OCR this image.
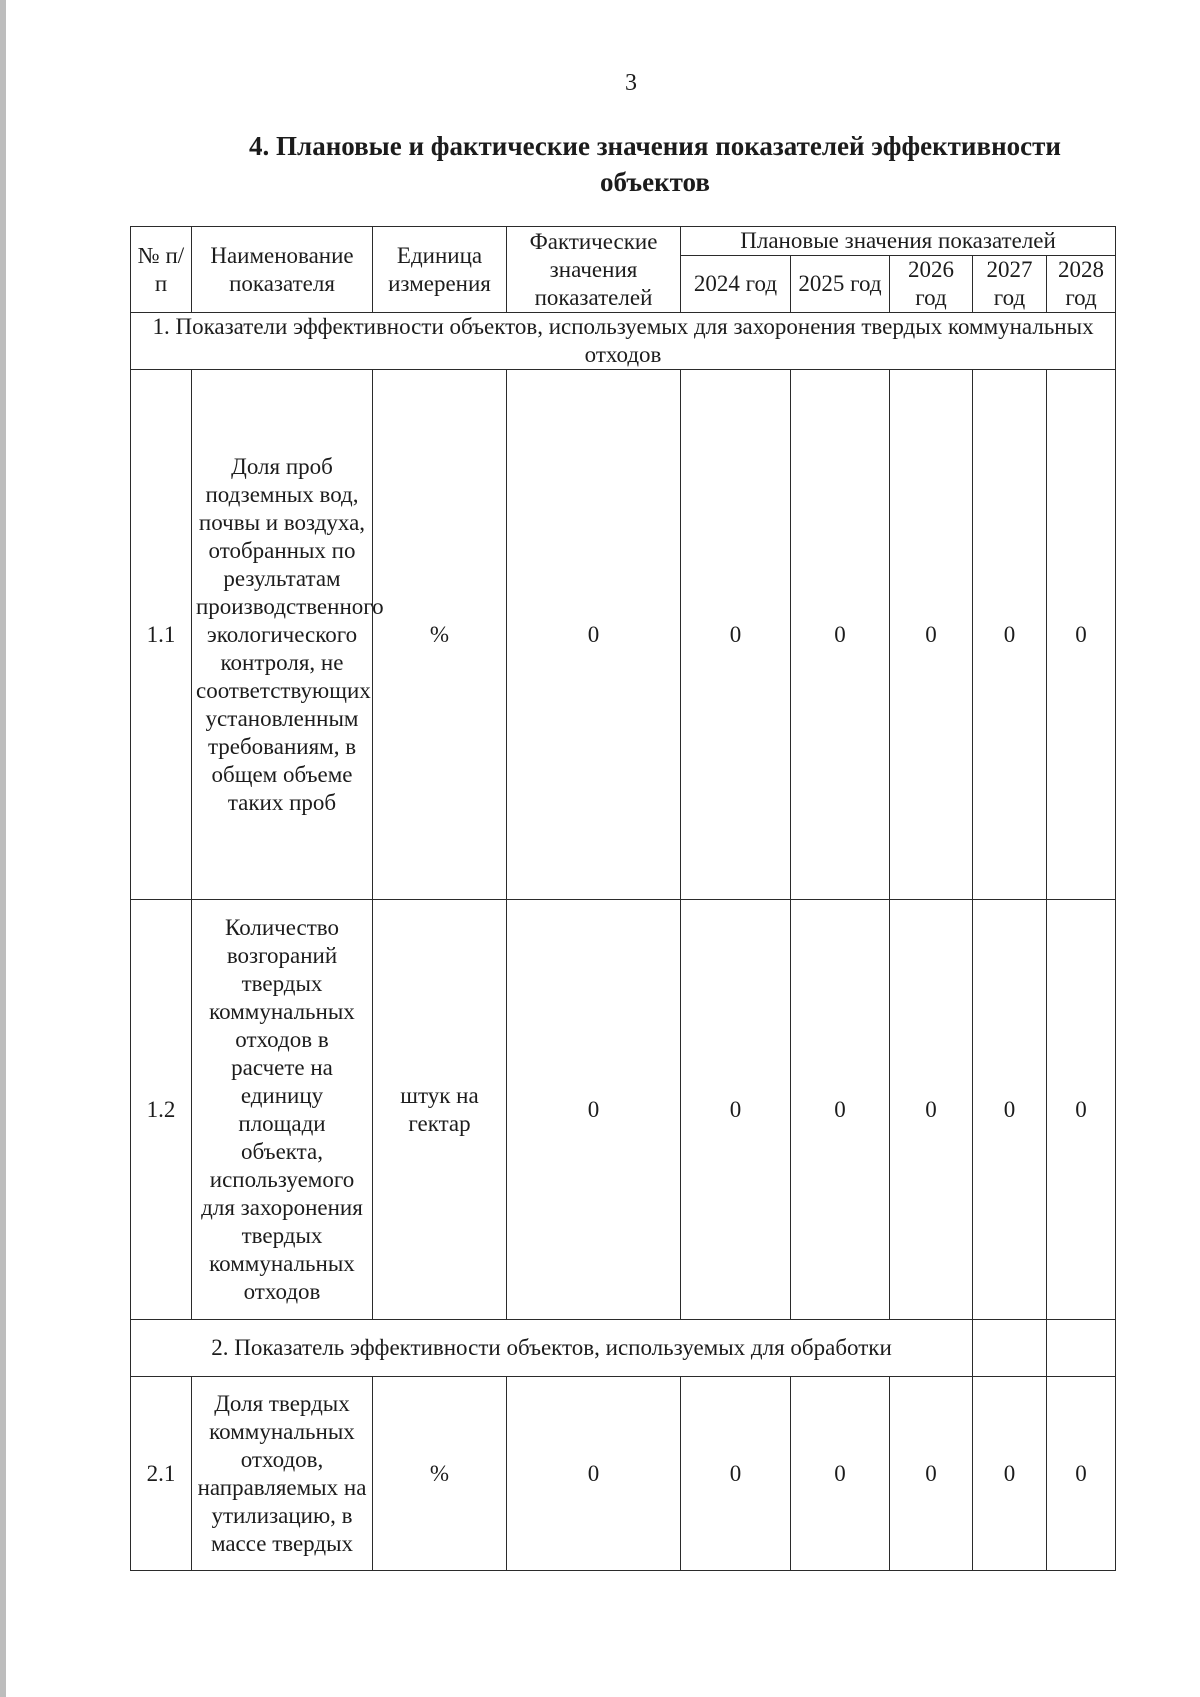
3
4. Плановые и фактические значения показателей эффективности
объектов
№ п/п	Наименование показателя	Единица измерения	Фактические значения показателей	Плановые значения показателей				
				2024 год	2025 год	2026 год	2027 год	2028 год
1. Показатели эффективности объектов, используемых для захоронения твердых коммунальных отходов								
1.1	Доля проб подземных вод, почвы и воздуха, отобранных по результатам производственного экологического контроля, не соответствующих установленным требованиям, в общем объеме таких проб	%	0	0	0	0	0	0
1.2	Количество возгораний твердых коммунальных отходов в расчете на единицу площади объекта, используемого для захоронения твердых коммунальных отходов	штук на гектар	0	0	0	0	0	0
2. Показатель эффективности объектов, используемых для обработки								
2.1	Доля твердых коммунальных отходов, направляемых на утилизацию, в массе твердых	%	0	0	0	0	0	0
